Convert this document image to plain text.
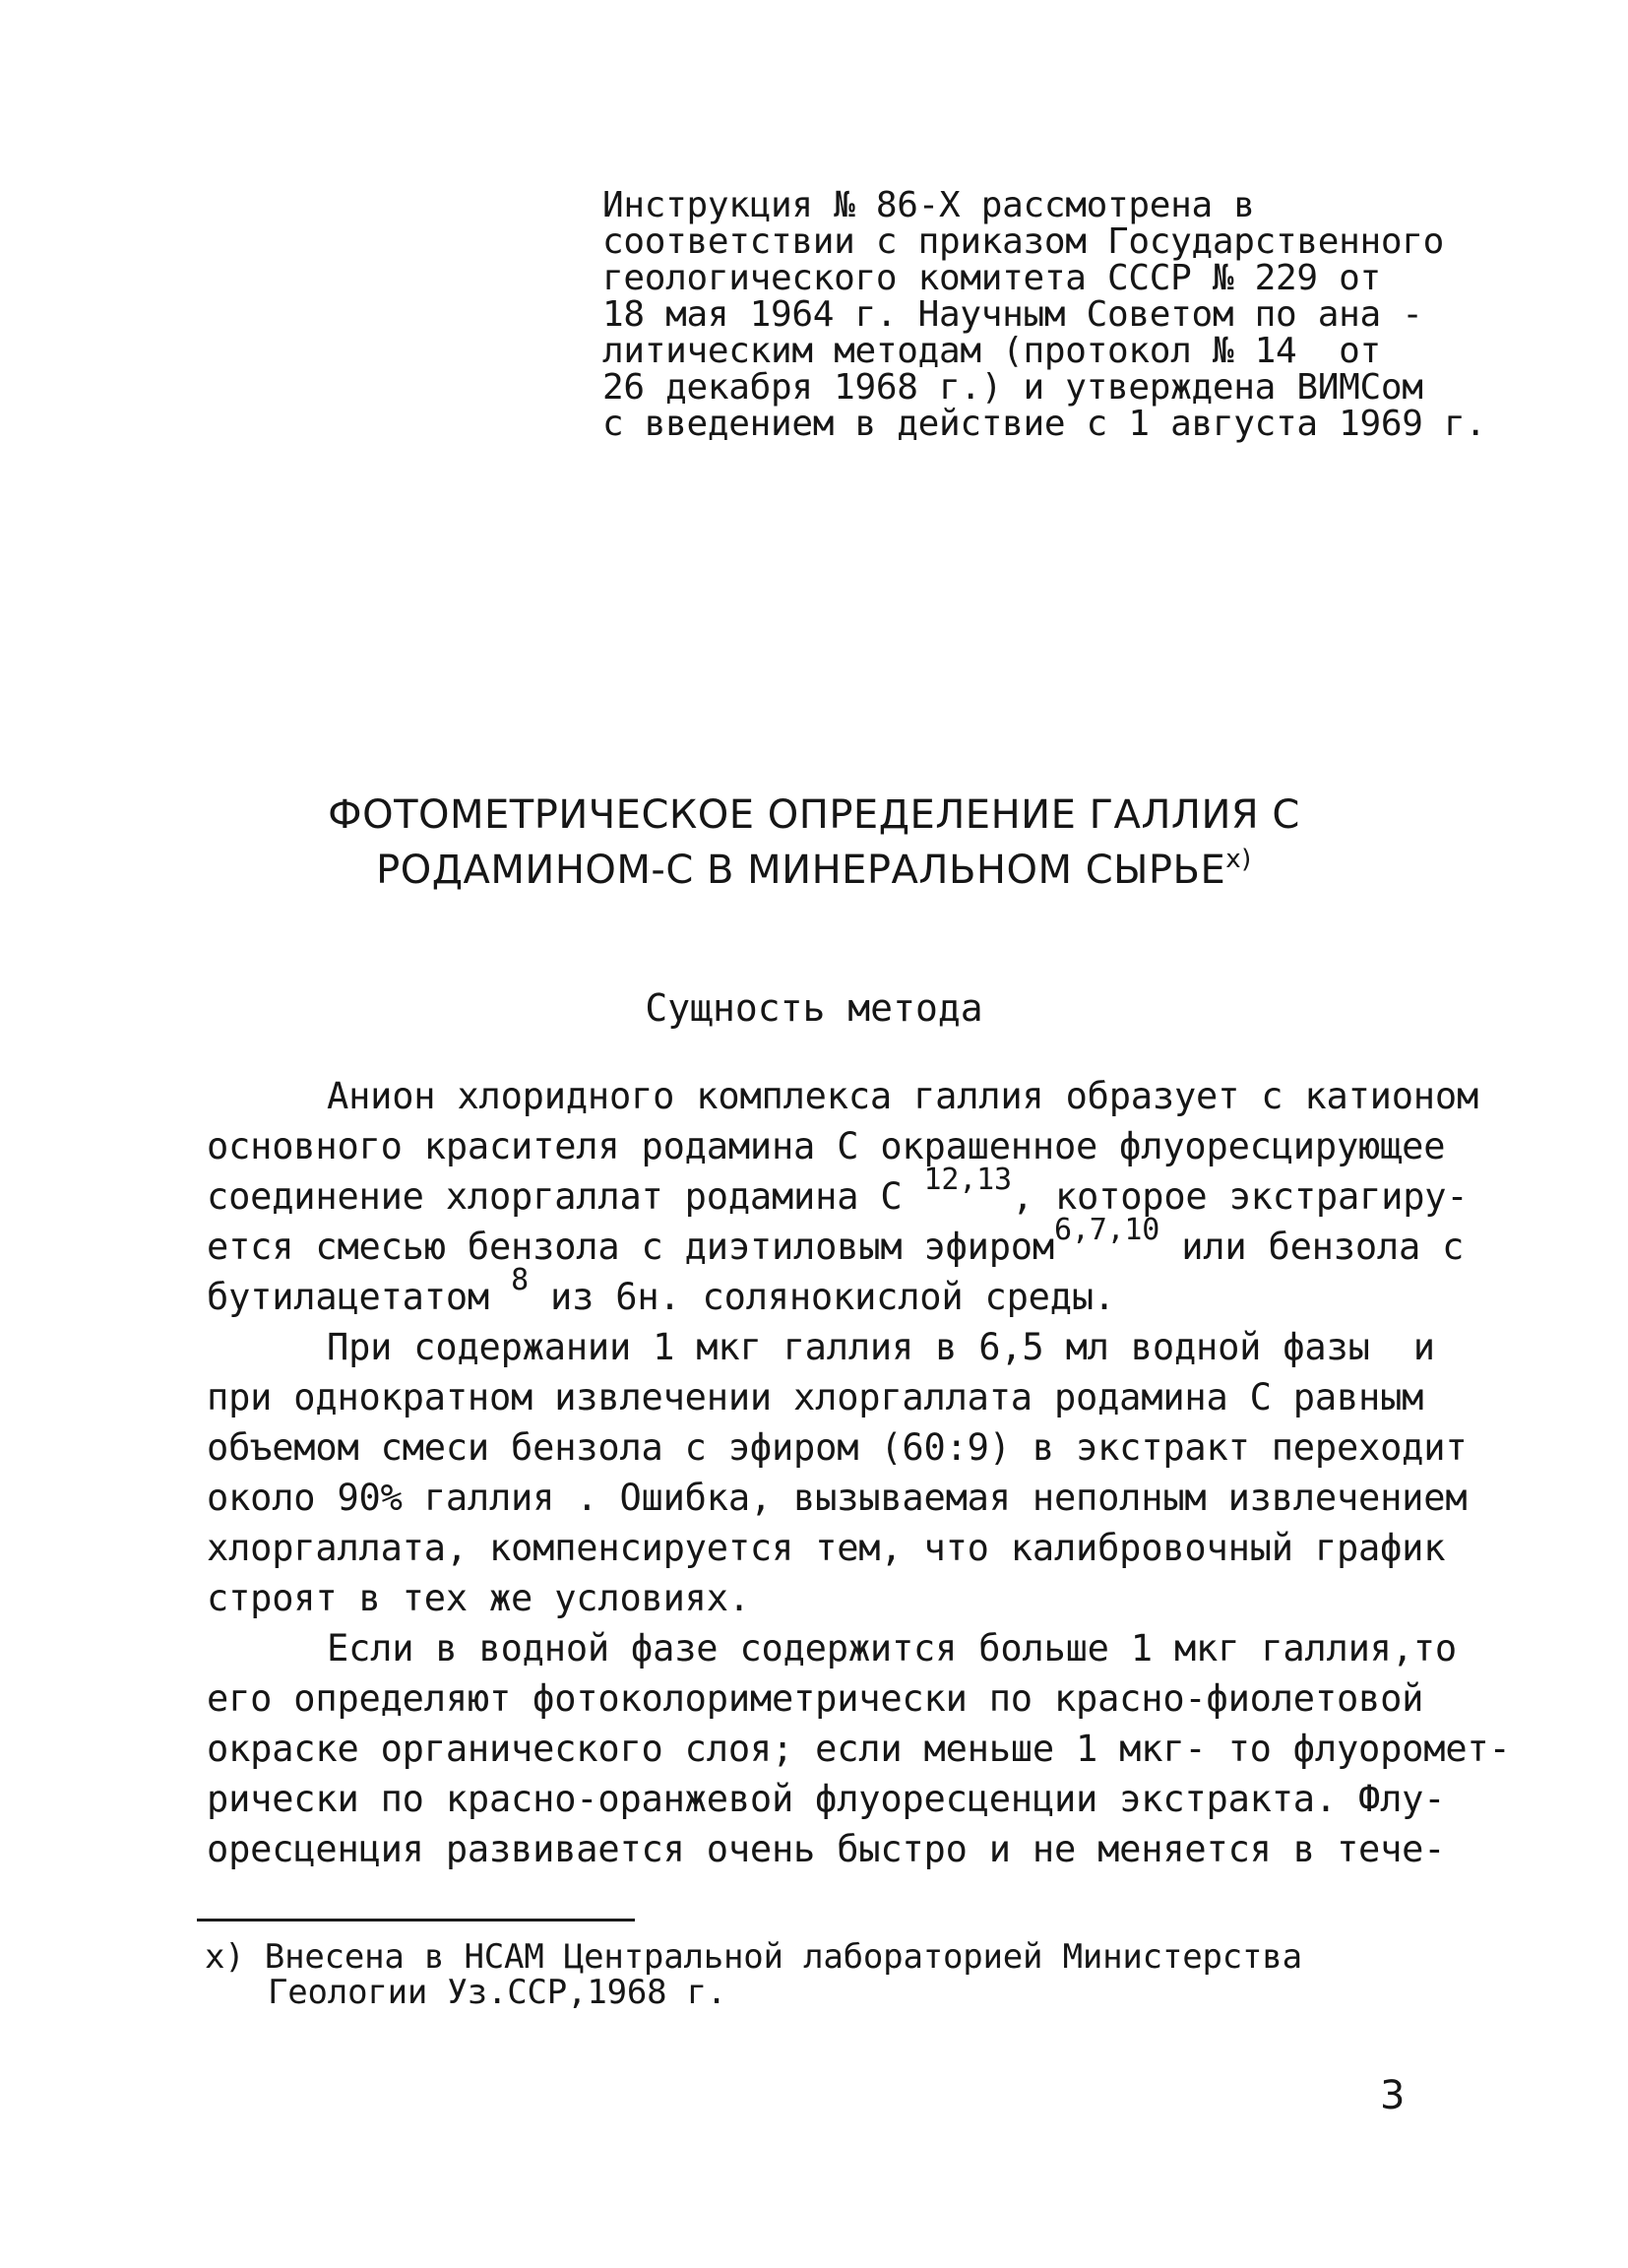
Инструкция № 86-Х рассмотрена в
соответствии с приказом Государственного
геологического комитета СССР № 229 от
18 мая 1964 г. Научным Советом по ана -
литическим методам (протокол № 14  от
26 декабря 1968 г.) и утверждена ВИМСом
с введением в действие с 1 августа 1969 г.
ФОТОМЕТРИЧЕСКОЕ ОПРЕДЕЛЕНИЕ ГАЛЛИЯ С
РОДАМИНОМ-С В МИНЕРАЛЬНОМ СЫРЬЕ$^{x)}$
Сущность метода
Анион хлоридного комплекса галлия образует с катионом
основного красителя родамина С окрашенное флуоресцирующее
соединение хлоргаллат родамина С $^{12,13}$, которое экстрагиру-
ется смесью бензола с диэтиловым эфиром$^{6,7,10}$ или бензола с
бутилацетатом $^8$ из 6н. солянокислой среды.
При содержании 1 мкг галлия в 6,5 мл водной фазы  и
при однократном извлечении хлоргаллата родамина С равным
объемом смеси бензола с эфиром (60:9) в экстракт переходит
около 90% галлия . Ошибка, вызываемая неполным извлечением
хлоргаллата, компенсируется тем, что калибровочный график
строят в тех же условиях.
Если в водной фазе содержится больше 1 мкг галлия,то
его определяют фотоколориметрически по красно-фиолетовой
окраске органического слоя; если меньше 1 мкг- то флуоромет-
рически по красно-оранжевой флуоресценции экстракта. Флу-
оресценция развивается очень быстро и не меняется в тече-
x) Внесена в НСАМ Центральной лабораторией Министерства
Геологии Уз.ССР,1968 г.
3
